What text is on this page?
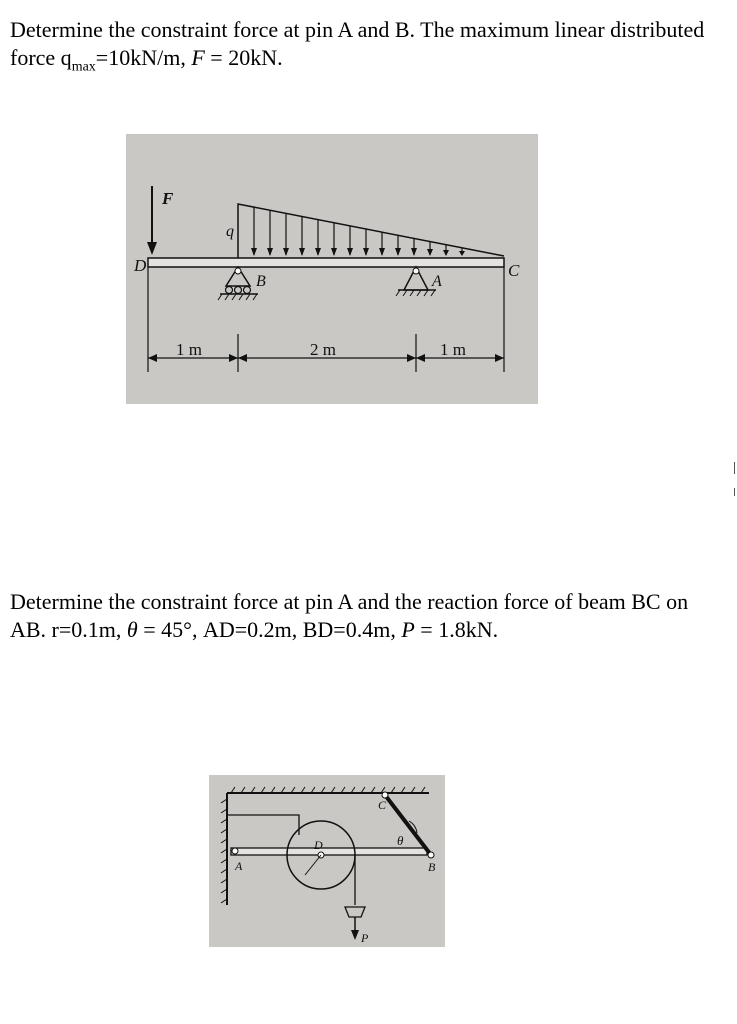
Determine the constraint force at pin A and B. The maximum linear distributed force $q_{max}=10kN/m$, F = 20kN.

F
q
D	C
B	A
1 m	2 m	1 m

Determine the constraint force at pin A and the reaction force of beam BC on AB. r=0.1m, θ = 45°, AD=0.2m, BD=0.4m, P = 1.8kN.

A
D
P
C
B
θ
